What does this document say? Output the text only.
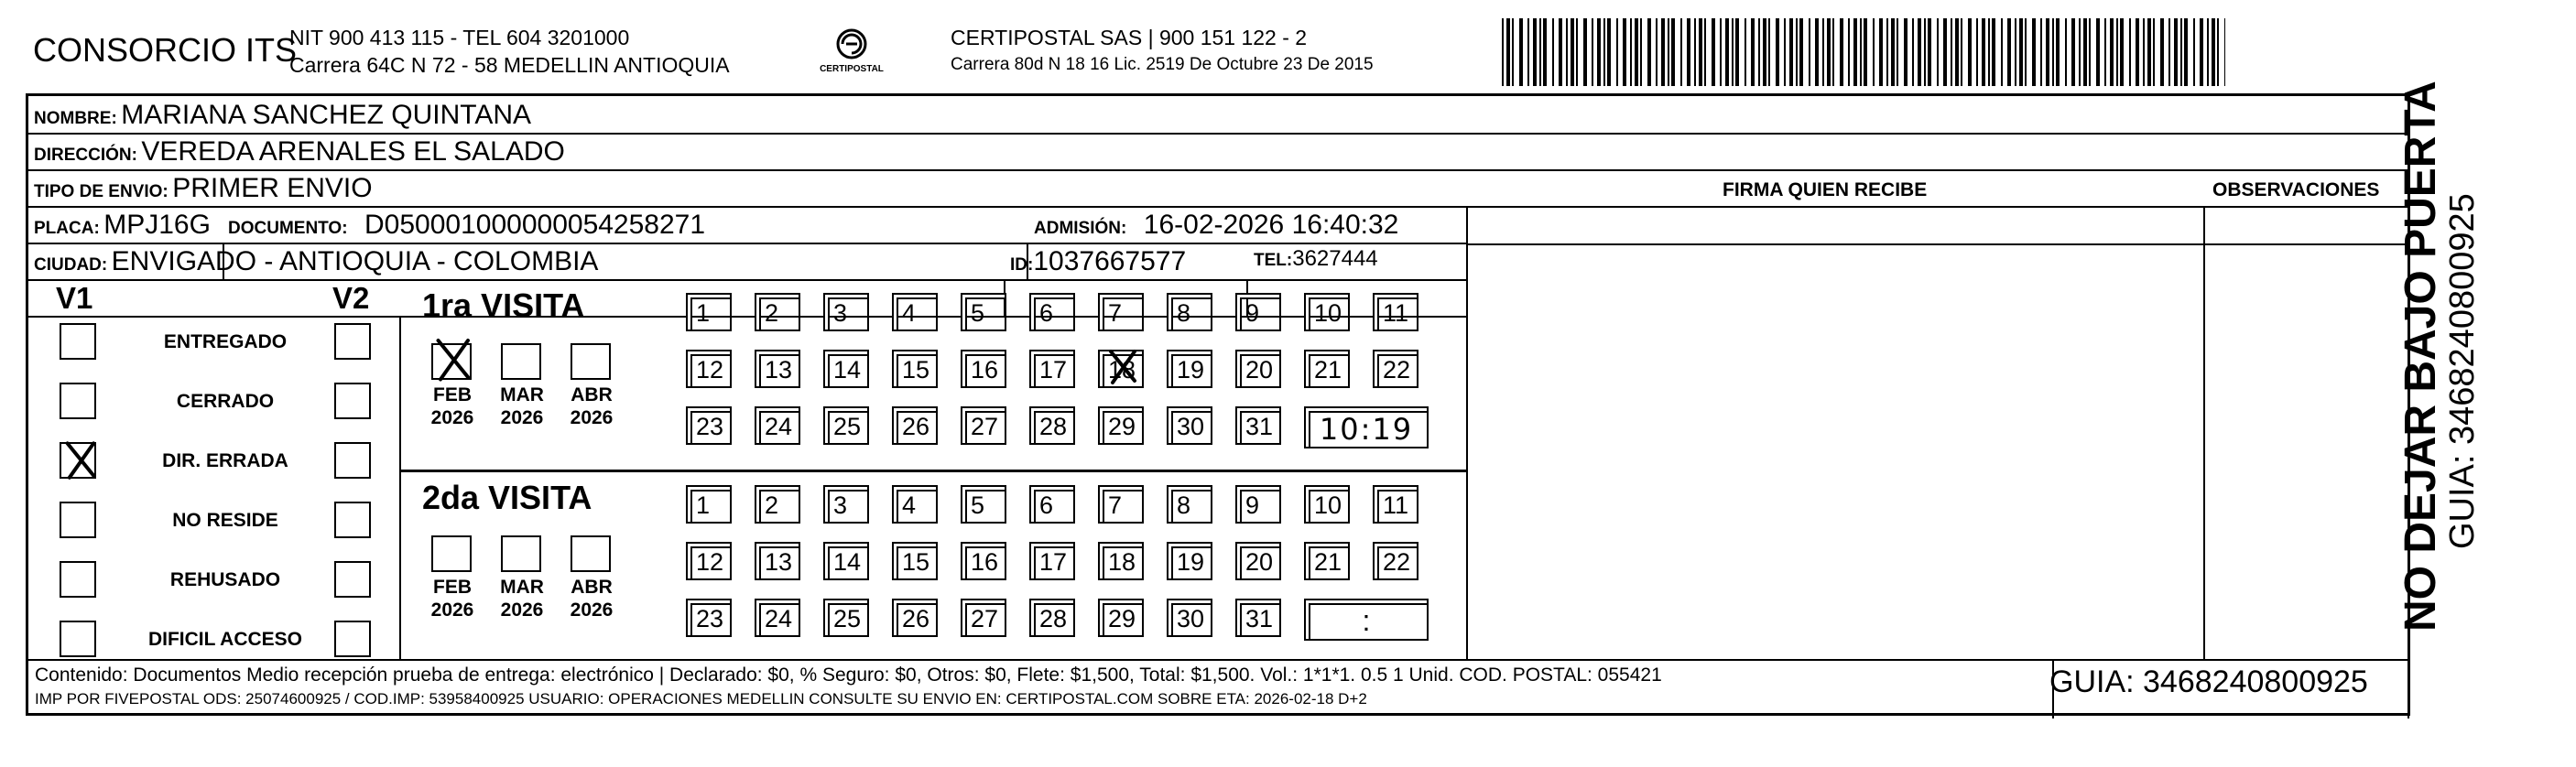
CONSORCIO ITS
NIT 900 413 115 - TEL 604 3201000
Carrera 64C N 72 - 58 MEDELLIN ANTIOQUIA	CERTIPOSTAL
CERTIPOSTAL SAS | 900 151 122 - 2
Carrera 80d N 18 16 Lic. 2519 De Octubre 23 De 2015
NOMBRE: MARIANA SANCHEZ QUINTANA
DIRECCIÓN: VEREDA ARENALES EL SALADO
TIPO DE ENVIO: PRIMER ENVIO
PLACA: MPJ16G DOCUMENTO: D050001000000054258271	ADMISIÓN: 16-02-2026 16:40:32
CIUDAD: ENVIGADO - ANTIOQUIA - COLOMBIA	ID:1037667577	TEL:3627444
FIRMA QUIEN RECIBE	OBSERVACIONES
V1	V2
ENTREGADO
CERRADO
DIR. ERRADA
NO RESIDE
REHUSADO
DIFICIL ACCESO
1ra VISITA
FEB
2026
MAR
2026
ABR
2026
1 2 3 4 5 6 7 8 9 10 11
12 13 14 15 16 17 18 19 20 21 22
23 24 25 26 27 28 29 30 31	10:19
2da VISITA
FEB
2026
MAR
2026
ABR
2026
1 2 3 4 5 6 7 8 9 10 11
12 13 14 15 16 17 18 19 20 21 22
23 24 25 26 27 28 29 30 31	:
Contenido: Documentos Medio recepción prueba de entrega: electrónico | Declarado: $0, % Seguro: $0, Otros: $0, Flete: $1,500, Total: $1,500. Vol.: 1*1*1. 0.5 1 Unid. COD. POSTAL: 055421
IMP POR FIVEPOSTAL ODS: 25074600925 / COD.IMP: 53958400925 USUARIO: OPERACIONES MEDELLIN CONSULTE SU ENVIO EN: CERTIPOSTAL.COM SOBRE ETA: 2026-02-18 D+2	GUIA: 3468240800925
NO DEJAR BAJO PUERTA
GUIA: 3468240800925
